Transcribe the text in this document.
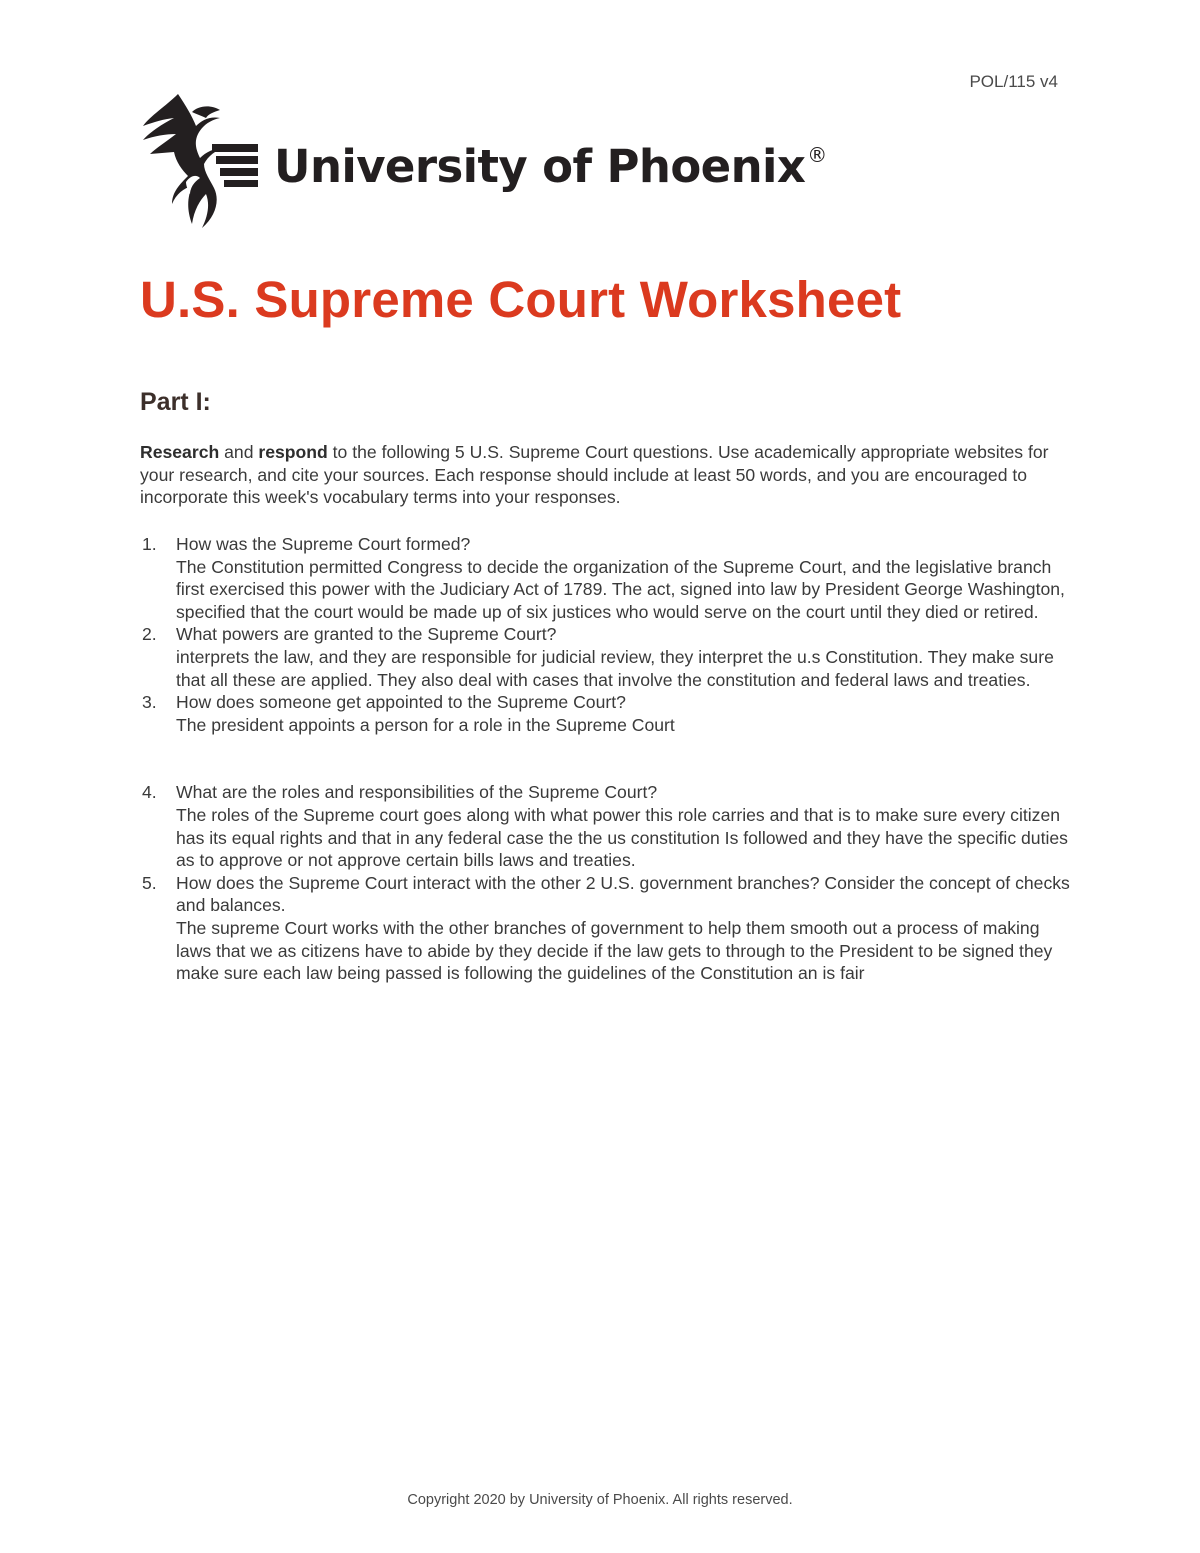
POL/115 v4
University of Phoenix ®
U.S. Supreme Court Worksheet
Part I:

Research and respond to the following 5 U.S. Supreme Court questions. Use academically appropriate websites for your research, and cite your sources. Each response should include at least 50 words, and you are encouraged to incorporate this week's vocabulary terms into your responses.

1. How was the Supreme Court formed?
The Constitution permitted Congress to decide the organization of the Supreme Court, and the legislative branch first exercised this power with the Judiciary Act of 1789. The act, signed into law by President George Washington, specified that the court would be made up of six justices who would serve on the court until they died or retired.
2. What powers are granted to the Supreme Court?
interprets the law, and they are responsible for judicial review, they interpret the u.s Constitution. They make sure that all these are applied. They also deal with cases that involve the constitution and federal laws and treaties.
3. How does someone get appointed to the Supreme Court?
The president appoints a person for a role in the Supreme Court
4. What are the roles and responsibilities of the Supreme Court?
The roles of the Supreme court goes along with what power this role carries and that is to make sure every citizen has its equal rights and that in any federal case the the us constitution Is followed and they have the specific duties as to approve or not approve certain bills laws and treaties.
5. How does the Supreme Court interact with the other 2 U.S. government branches? Consider the concept of checks and balances.
The supreme Court works with the other branches of government to help them smooth out a process of making laws that we as citizens have to abide by they decide if the law gets to through to the President to be signed they make sure each law being passed is following the guidelines of the Constitution an is fair
Copyright 2020 by University of Phoenix. All rights reserved.
